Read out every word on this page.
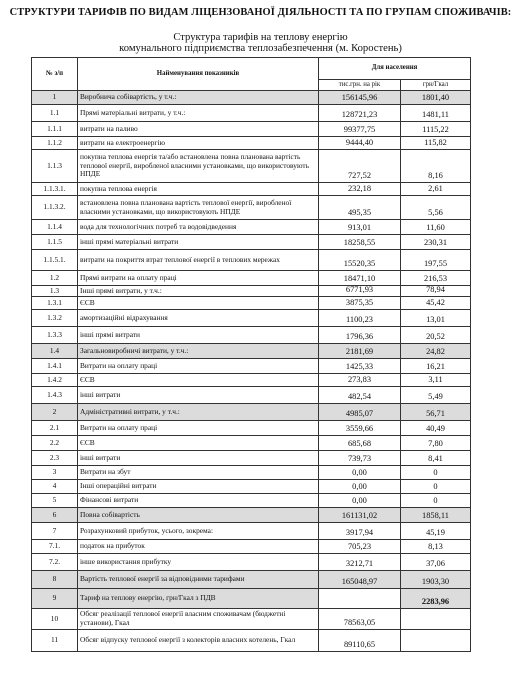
СТРУКТУРИ ТАРИФІВ ПО ВИДАМ ЛІЦЕНЗОВАНОЇ ДІЯЛЬНОСТІ ТА ПО ГРУПАМ СПОЖИВАЧІВ:
Структура тарифів на теплову енергію
комунального підприємства теплозабезпечення (м. Коростень)
№ з/п	Найменування показників	Для населення	
		тис.грн. на рік	грн/Гкал
1	Виробнича собівартість, у т.ч.:	156145,96	1801,40
1.1	Прямі матеріальні витрати, у т.ч.:	128721,23	1481,11
1.1.1	витрати на паливо	99377,75	1115,22
1.1.2	витрати на електроенергію	9444,40	115,82
1.1.3	покупна теплова енергія та/або встановлена повна планована вартість теплової енергії, виробленої власними установками, що використовують НПДЕ	727,52	8,16
1.1.3.1.	покупна теплова енергія	232,18	2,61
1.1.3.2.	встановлена повна планована вартість теплової енергії, виробленої власними установками, що використовують НПДЕ	495,35	5,56
1.1.4	вода для технологічних потреб та водовідведення	913,01	11,60
1.1.5	інші прямі матеріальні витрати	18258,55	230,31
1.1.5.1.	витрати на покриття втрат теплової енергії в теплових мережах	15520,35	197,55
1.2	Прямі витрати на оплату праці	18471,10	216,53
1.3	Інші прямі витрати, у т.ч.:	6771,93	78,94
1.3.1	ЄСВ	3875,35	45,42
1.3.2	амортизаційні відрахування	1100,23	13,01
1.3.3	інші прямі витрати	1796,36	20,52
1.4	Загальновиробничі витрати, у т.ч.:	2181,69	24,82
1.4.1	Витрати на оплату праці	1425,33	16,21
1.4.2	ЄСВ	273,83	3,11
1.4.3	інші витрати	482,54	5,49
2	Адміністративні витрати, у т.ч.:	4985,07	56,71
2.1	Витрати на оплату праці	3559,66	40,49
2.2	ЄСВ	685,68	7,80
2.3	інші витрати	739,73	8,41
3	Витрати на збут	0,00	0
4	Інші операційні витрати	0,00	0
5	Фінансові витрати	0,00	0
6	Повна собівартість	161131,02	1858,11
7	Розрахунковий прибуток, усього, зокрема:	3917,94	45,19
7.1.	податок на прибуток	705,23	8,13
7.2.	інше використання прибутку	3212,71	37,06
8	Вартість теплової енергії за відповідними тарифами	165048,97	1903,30
9	Тариф на теплову енергію, грн/Гкал з ПДВ		2283,96
10	Обсяг реалізації теплової енергії власним споживачам (бюджетні установи), Гкал	78563,05	
11	Обсяг відпуску теплової енергії з колекторів власних котелень, Гкал	89110,65	
